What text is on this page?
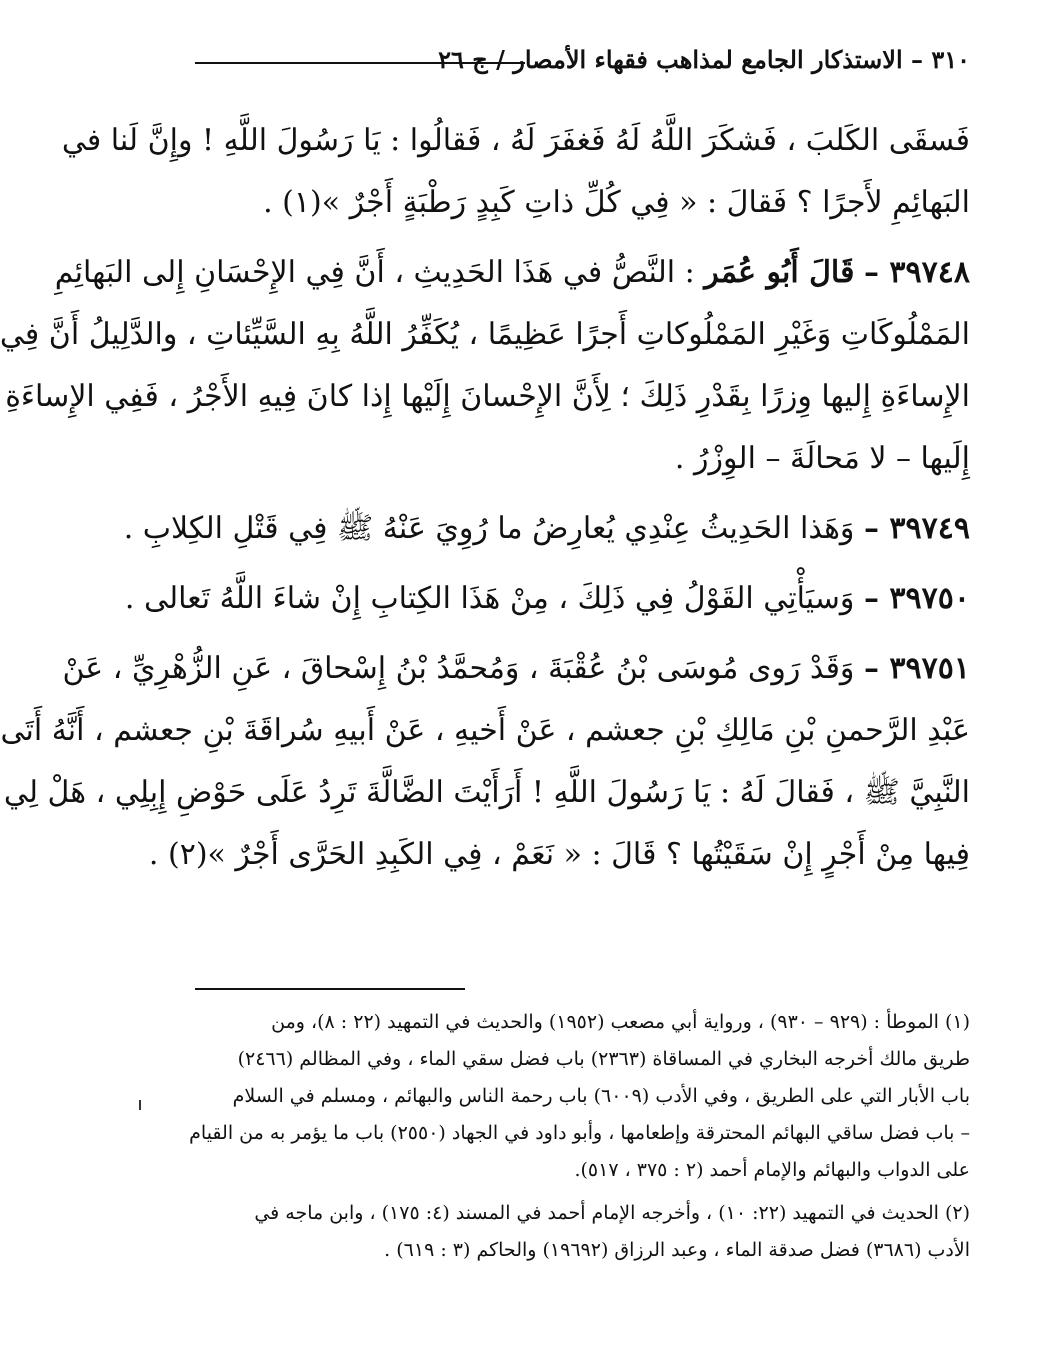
٣١٠ – الاستذكار الجامع لمذاهب فقهاء الأمصار / ج ٢٦
فَسقَى الكَلبَ ، فَشكَرَ اللَّهُ لَهُ فَغفَرَ لَهُ ، فَقالُوا : يَا رَسُولَ اللَّهِ ! وإِنَّ لَنا في
البَهائِمِ لأَجرًا ؟ فَقالَ : « فِي كُلِّ ذاتِ كَبِدٍ رَطْبَةٍ أَجْرٌ »(١) .
٣٩٧٤٨ – قَالَ أَبُو عُمَر : النَّصُّ في هَذَا الحَدِيثِ ، أَنَّ فِي الإِحْسَانِ إِلى البَهائِمِ
المَمْلُوكَاتِ وَغَيْرِ المَمْلُوكاتِ أَجرًا عَظِيمًا ، يُكَفِّرُ اللَّهُ بِهِ السَّيِّئاتِ ، والدَّلِيلُ أَنَّ فِي
الإِساءَةِ إِليها وِزرًا بِقَدْرِ ذَلِكَ ؛ لِأَنَّ الإِحْسانَ إِلَيْها إِذا كانَ فِيهِ الأَجْرُ ، فَفِي الإِساءَةِ
إِلَيها – لا مَحالَةَ – الوِزْرُ .
٣٩٧٤٩ – وَهَذا الحَدِيثُ عِنْدِي يُعارِضُ ما رُوِيَ عَنْهُ ﷺ فِي قَتْلِ الكِلابِ .
٣٩٧٥٠ – وَسيَأْتِي القَوْلُ فِي ذَلِكَ ، مِنْ هَذَا الكِتابِ إِنْ شاءَ اللَّهُ تَعالى .
٣٩٧٥١ – وَقَدْ رَوى مُوسَى بْنُ عُقْبَةَ ، وَمُحمَّدُ بْنُ إِسْحاقَ ، عَنِ الزُّهْرِيِّ ، عَنْ
عَبْدِ الرَّحمنِ بْنِ مَالِكِ بْنِ جعشم ، عَنْ أَخيهِ ، عَنْ أَبيهِ سُراقَةَ بْنِ جعشم ، أَنَّهُ أَتَى
النَّبِيَّ ﷺ ، فَقالَ لَهُ : يَا رَسُولَ اللَّهِ ! أَرَأَيْتَ الضَّالَّةَ تَرِدُ عَلَى حَوْضِ إِبِلِي ، هَلْ لِي
فِيها مِنْ أَجْرٍ إِنْ سَقَيْتُها ؟ قَالَ : « نَعَمْ ، فِي الكَبِدِ الحَرَّى أَجْرٌ »(٢) .
(١) الموطأ : (٩٢٩ – ٩٣٠) ، ورواية أبي مصعب (١٩٥٢) والحديث في التمهيد (٢٢ : ٨)، ومن
طريق مالك أخرجه البخاري في المساقاة (٢٣٦٣) باب فضل سقي الماء ، وفي المظالم (٢٤٦٦)
باب الأبار التي على الطريق ، وفي الأدب (٦٠٠٩) باب رحمة الناس والبهائم ، ومسلم في السلام
– باب فضل ساقي البهائم المحترقة وإطعامها ، وأبو داود في الجهاد (٢٥٥٠) باب ما يؤمر به من القيام
على الدواب والبهائم والإمام أحمد (٢ : ٣٧٥ ، ٥١٧).
(٢) الحديث في التمهيد (٢٢: ١٠) ، وأخرجه الإمام أحمد في المسند (٤: ١٧٥) ، وابن ماجه في
الأدب (٣٦٨٦) فضل صدقة الماء ، وعبد الرزاق (١٩٦٩٢) والحاكم (٣ : ٦١٩) .
